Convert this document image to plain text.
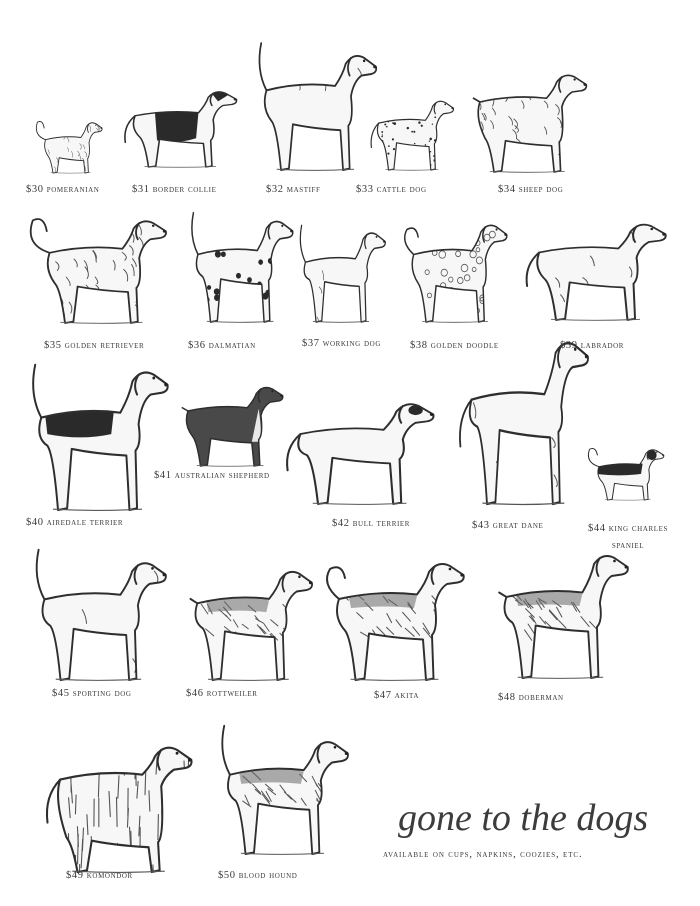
$30 pomeranian	$31 border collie	$32 mastiff	$33 cattle dog	$34 sheep dog
$35 golden retriever	$36 dalmatian	$37 working dog	$38 golden doodle	$39 labrador
$40 airedale terrier
$41 australian shepherd
$42 bull terrier	$43 great dane	$44 king charles spaniel
$45 sporting dog	$46 rottweiler	$47 akita	$48 doberman
$49 komondor	$50 blood hound
gone to the dogs
available on cups, napkins, coozies, etc.
